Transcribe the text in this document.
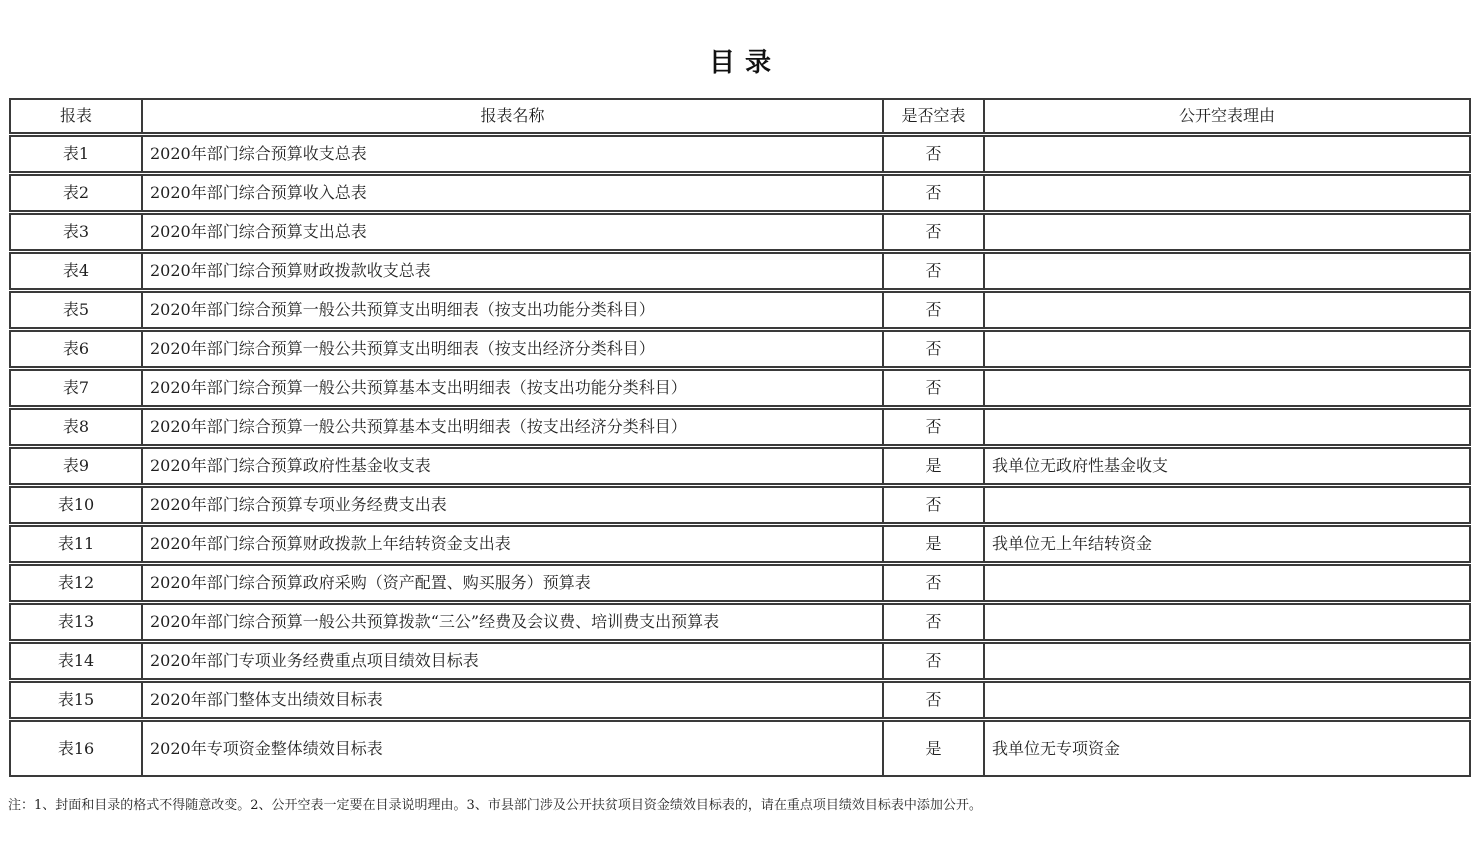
目录
报表	报表名称	是否空表	公开空表理由
表1	2020年部门综合预算收支总表	否
表2	2020年部门综合预算收入总表	否
表3	2020年部门综合预算支出总表	否
表4	2020年部门综合预算财政拨款收支总表	否
表5	2020年部门综合预算一般公共预算支出明细表（按支出功能分类科目）	否
表6	2020年部门综合预算一般公共预算支出明细表（按支出经济分类科目）	否
表7	2020年部门综合预算一般公共预算基本支出明细表（按支出功能分类科目）	否
表8	2020年部门综合预算一般公共预算基本支出明细表（按支出经济分类科目）	否
表9	2020年部门综合预算政府性基金收支表	是	我单位无政府性基金收支
表10	2020年部门综合预算专项业务经费支出表	否
表11	2020年部门综合预算财政拨款上年结转资金支出表	是	我单位无上年结转资金
表12	2020年部门综合预算政府采购（资产配置、购买服务）预算表	否
表13	2020年部门综合预算一般公共预算拨款“三公”经费及会议费、培训费支出预算表	否
表14	2020年部门专项业务经费重点项目绩效目标表	否
表15	2020年部门整体支出绩效目标表	否
表16	2020年专项资金整体绩效目标表	是	我单位无专项资金
注：1、封面和目录的格式不得随意改变。2、公开空表一定要在目录说明理由。3、市县部门涉及公开扶贫项目资金绩效目标表的，请在重点项目绩效目标表中添加公开。
